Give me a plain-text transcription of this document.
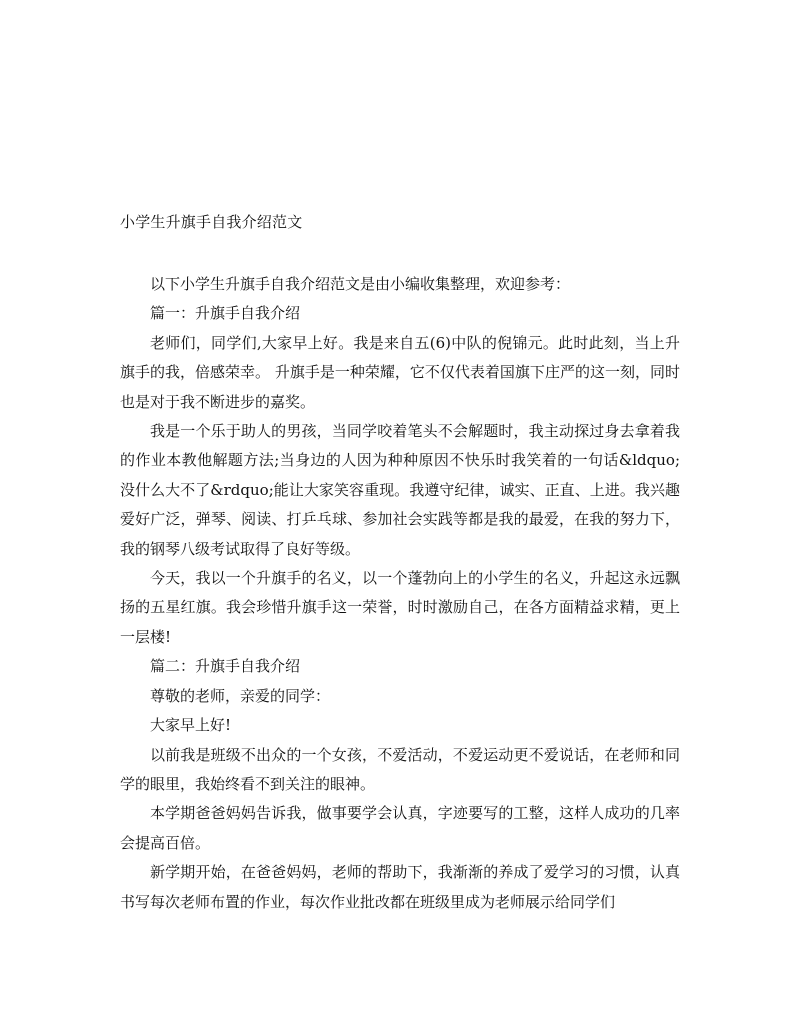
小学生升旗手自我介绍范文

以下小学生升旗手自我介绍范文是由小编收集整理，欢迎参考：

篇一：升旗手自我介绍

老师们，同学们,大家早上好。我是来自五(6)中队的倪锦元。此时此刻，当上升旗手的我，倍感荣幸。 升旗手是一种荣耀，它不仅代表着国旗下庄严的这一刻，同时也是对于我不断进步的嘉奖。

我是一个乐于助人的男孩，当同学咬着笔头不会解题时，我主动探过身去拿着我的作业本教他解题方法;当身边的人因为种种原因不快乐时我笑着的一句话&ldquo;没什么大不了&rdquo;能让大家笑容重现。我遵守纪律，诚实、正直、上进。我兴趣爱好广泛，弹琴、阅读、打乒乓球、参加社会实践等都是我的最爱，在我的努力下，我的钢琴八级考试取得了良好等级。

今天，我以一个升旗手的名义，以一个蓬勃向上的小学生的名义，升起这永远飘扬的五星红旗。我会珍惜升旗手这一荣誉，时时激励自己，在各方面精益求精，更上一层楼!

篇二：升旗手自我介绍

尊敬的老师，亲爱的同学：

大家早上好!

以前我是班级不出众的一个女孩，不爱活动，不爱运动更不爱说话，在老师和同学的眼里，我始终看不到关注的眼神。

本学期爸爸妈妈告诉我，做事要学会认真，字迹要写的工整，这样人成功的几率会提高百倍。

新学期开始，在爸爸妈妈，老师的帮助下，我渐渐的养成了爱学习的习惯，认真书写每次老师布置的作业，每次作业批改都在班级里成为老师展示给同学们
